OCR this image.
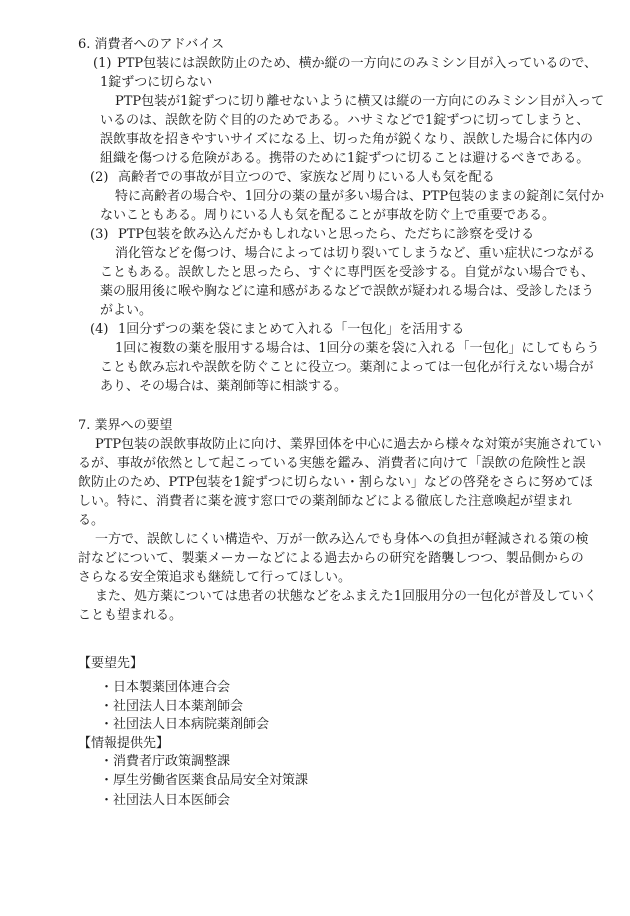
6. 消費者へのアドバイス
(1) PTP包装には誤飲防止のため、横か縦の一方向にのみミシン目が入っているので、
1錠ずつに切らない
PTP包装が1錠ずつに切り離せないように横又は縦の一方向にのみミシン目が入って
いるのは、誤飲を防ぐ目的のためである。ハサミなどで1錠ずつに切ってしまうと、
誤飲事故を招きやすいサイズになる上、切った角が鋭くなり、誤飲した場合に体内の
組織を傷つける危険がある。携帯のために1錠ずつに切ることは避けるべきである。
(2) 高齢者での事故が目立つので、家族など周りにいる人も気を配る
特に高齢者の場合や、1回分の薬の量が多い場合は、PTP包装のままの錠剤に気付か
ないこともある。周りにいる人も気を配ることが事故を防ぐ上で重要である。
(3) PTP包装を飲み込んだかもしれないと思ったら、ただちに診察を受ける
消化管などを傷つけ、場合によっては切り裂いてしまうなど、重い症状につながる
こともある。誤飲したと思ったら、すぐに専門医を受診する。自覚がない場合でも、
薬の服用後に喉や胸などに違和感があるなどで誤飲が疑われる場合は、受診したほう
がよい。
(4) 1回分ずつの薬を袋にまとめて入れる「一包化」を活用する
1回に複数の薬を服用する場合は、1回分の薬を袋に入れる「一包化」にしてもらう
ことも飲み忘れや誤飲を防ぐことに役立つ。薬剤によっては一包化が行えない場合が
あり、その場合は、薬剤師等に相談する。
7. 業界への要望
PTP包装の誤飲事故防止に向け、業界団体を中心に過去から様々な対策が実施されてい
るが、事故が依然として起こっている実態を鑑み、消費者に向けて「誤飲の危険性と誤
飲防止のため、PTP包装を1錠ずつに切らない・割らない」などの啓発をさらに努めてほ
しい。特に、消費者に薬を渡す窓口での薬剤師などによる徹底した注意喚起が望まれ
る。
一方で、誤飲しにくい構造や、万が一飲み込んでも身体への負担が軽減される策の検
討などについて、製薬メーカーなどによる過去からの研究を踏襲しつつ、製品側からの
さらなる安全策追求も継続して行ってほしい。
また、処方薬については患者の状態などをふまえた1回服用分の一包化が普及していく
ことも望まれる。
【要望先】
・日本製薬団体連合会
・社団法人日本薬剤師会
・社団法人日本病院薬剤師会
【情報提供先】
・消費者庁政策調整課
・厚生労働省医薬食品局安全対策課
・社団法人日本医師会
